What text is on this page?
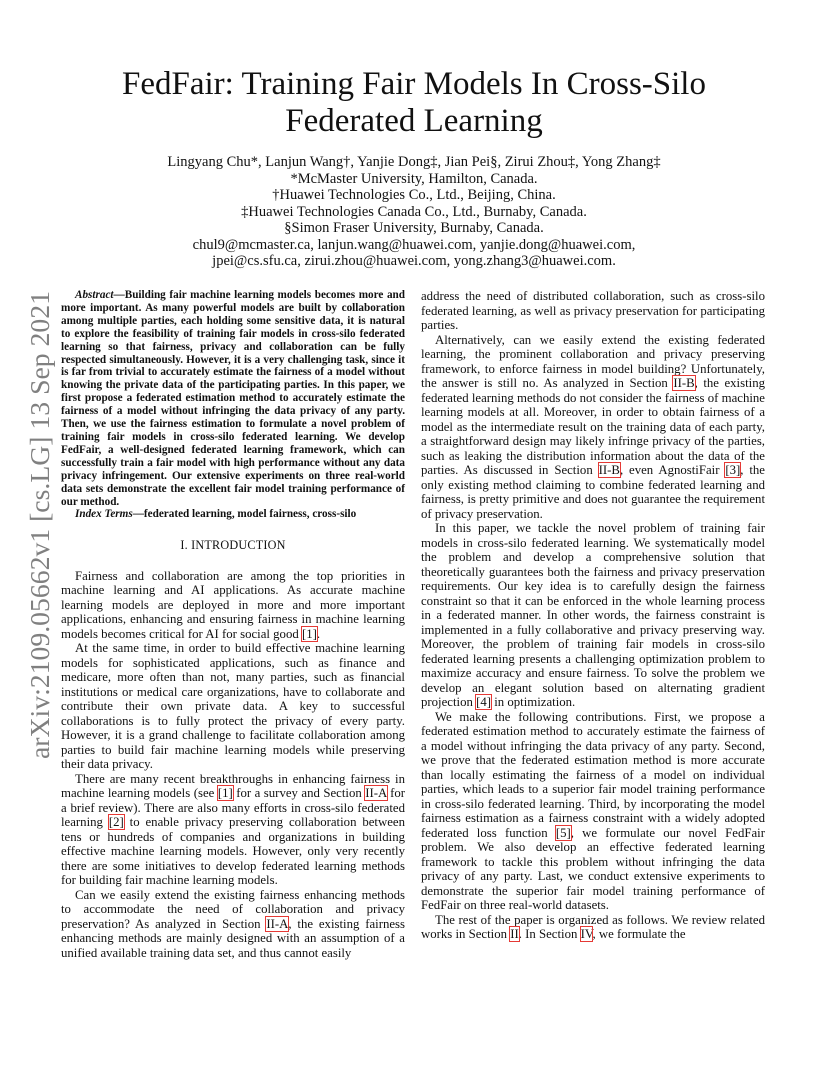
arXiv:2109.05662v1 [cs.LG] 13 Sep 2021
FedFair: Training Fair Models In Cross-Silo Federated Learning
Lingyang Chu*, Lanjun Wang†, Yanjie Dong‡, Jian Pei§, Zirui Zhou‡, Yong Zhang‡
*McMaster University, Hamilton, Canada.
†Huawei Technologies Co., Ltd., Beijing, China.
‡Huawei Technologies Canada Co., Ltd., Burnaby, Canada.
§Simon Fraser University, Burnaby, Canada.
chul9@mcmaster.ca, lanjun.wang@huawei.com, yanjie.dong@huawei.com,
jpei@cs.sfu.ca, zirui.zhou@huawei.com, yong.zhang3@huawei.com.

Abstract—Building fair machine learning models becomes more and more important. As many powerful models are built by collaboration among multiple parties, each holding some sensitive data, it is natural to explore the feasibility of training fair models in cross-silo federated learning so that fairness, privacy and collaboration can be fully respected simultaneously. However, it is a very challenging task, since it is far from trivial to accurately estimate the fairness of a model without knowing the private data of the participating parties. In this paper, we first propose a federated estimation method to accurately estimate the fairness of a model without infringing the data privacy of any party. Then, we use the fairness estimation to formulate a novel problem of training fair models in cross-silo federated learning. We develop FedFair, a well-designed federated learning framework, which can successfully train a fair model with high performance without any data privacy infringement. Our extensive experiments on three real-world data sets demonstrate the excellent fair model training performance of our method.

Index Terms—federated learning, model fairness, cross-silo

I. INTRODUCTION

Fairness and collaboration are among the top priorities in machine learning and AI applications. As accurate machine learning models are deployed in more and more important applications, enhancing and ensuring fairness in machine learning models becomes critical for AI for social good [1].

At the same time, in order to build effective machine learning models for sophisticated applications, such as finance and medicare, more often than not, many parties, such as financial institutions or medical care organizations, have to collaborate and contribute their own private data. A key to successful collaborations is to fully protect the privacy of every party. However, it is a grand challenge to facilitate collaboration among parties to build fair machine learning models while preserving their data privacy.

There are many recent breakthroughs in enhancing fairness in machine learning models (see [1] for a survey and Section II-A for a brief review). There are also many efforts in cross-silo federated learning [2] to enable privacy preserving collaboration between tens or hundreds of companies and organizations in building effective machine learning models. However, only very recently there are some initiatives to develop federated learning methods for building fair machine learning models.

Can we easily extend the existing fairness enhancing methods to accommodate the need of collaboration and privacy preservation? As analyzed in Section II-A, the existing fairness enhancing methods are mainly designed with an assumption of a unified available training data set, and thus cannot easily

address the need of distributed collaboration, such as cross-silo federated learning, as well as privacy preservation for participating parties.

Alternatively, can we easily extend the existing federated learning, the prominent collaboration and privacy preserving framework, to enforce fairness in model building? Unfortunately, the answer is still no. As analyzed in Section II-B, the existing federated learning methods do not consider the fairness of machine learning models at all. Moreover, in order to obtain fairness of a model as the intermediate result on the training data of each party, a straightforward design may likely infringe privacy of the parties, such as leaking the distribution information about the data of the parties. As discussed in Section II-B, even AgnostiFair [3], the only existing method claiming to combine federated learning and fairness, is pretty primitive and does not guarantee the requirement of privacy preservation.

In this paper, we tackle the novel problem of training fair models in cross-silo federated learning. We systematically model the problem and develop a comprehensive solution that theoretically guarantees both the fairness and privacy preservation requirements. Our key idea is to carefully design the fairness constraint so that it can be enforced in the whole learning process in a federated manner. In other words, the fairness constraint is implemented in a fully collaborative and privacy preserving way. Moreover, the problem of training fair models in cross-silo federated learning presents a challenging optimization problem to maximize accuracy and ensure fairness. To solve the problem we develop an elegant solution based on alternating gradient projection [4] in optimization.

We make the following contributions. First, we propose a federated estimation method to accurately estimate the fairness of a model without infringing the data privacy of any party. Second, we prove that the federated estimation method is more accurate than locally estimating the fairness of a model on individual parties, which leads to a superior fair model training performance in cross-silo federated learning. Third, by incorporating the model fairness estimation as a fairness constraint with a widely adopted federated loss function [5], we formulate our novel FedFair problem. We also develop an effective federated learning framework to tackle this problem without infringing the data privacy of any party. Last, we conduct extensive experiments to demonstrate the superior fair model training performance of FedFair on three real-world datasets.

The rest of the paper is organized as follows. We review related works in Section II. In Section IV, we formulate the
